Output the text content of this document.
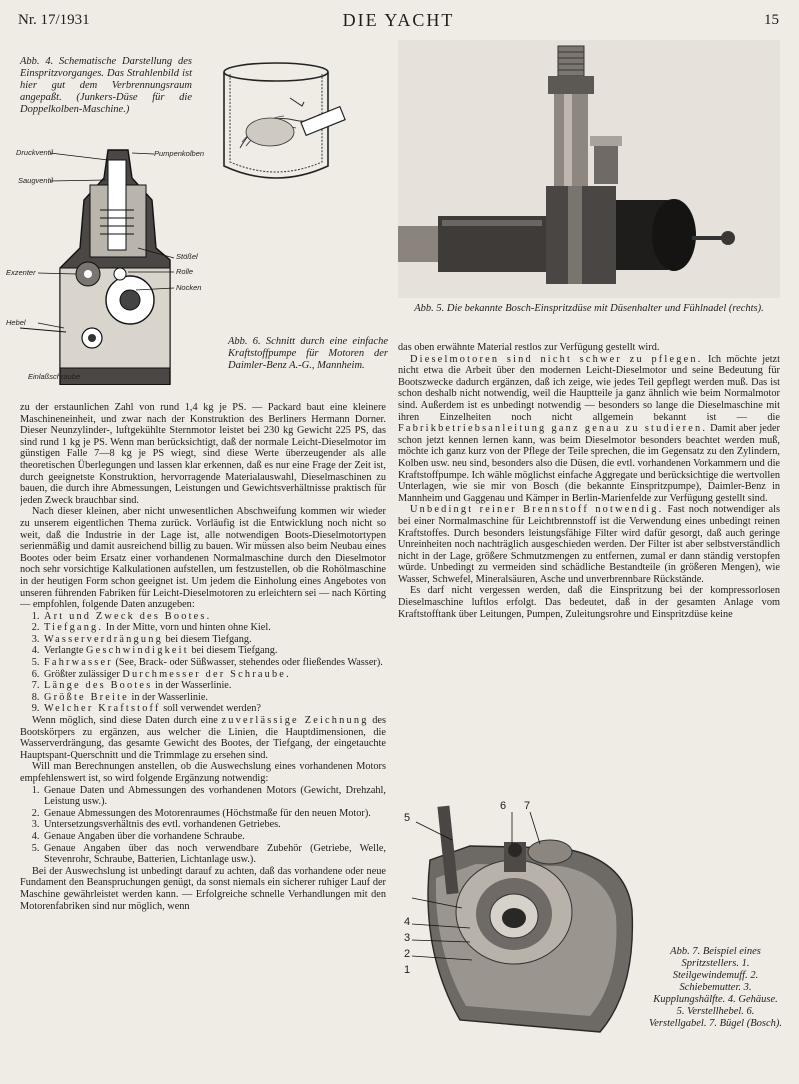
Nr. 17/1931	DIE YACHT	15
Abb. 4. Schematische Darstellung des Einspritzvorganges. Das Strahlenbild ist hier gut dem Verbrennungsraum angepaßt. (Junkers-Düse für die Doppelkolben-Maschine.)
Druckventil
Saugventil
Pumpenkolben
Stößel
Rolle
Nocken
Exzenter
Hebel
Einlaßschraube
Abb. 6. Schnitt durch eine einfache Kraftstoffpumpe für Motoren der Daimler-Benz A.-G., Mannheim.
Abb. 5. Die bekannte Bosch-Einspritzdüse mit Düsenhalter und Fühlnadel (rechts).
5
6 7
4
3
2
1
Abb. 7. Beispiel eines Spritzstellers. 1. Steilgewindemuff. 2. Schiebemutter. 3. Kupplungshälfte. 4. Gehäuse. 5. Verstellhebel. 6. Verstellgabel. 7. Bügel (Bosch).

zu der erstaunlichen Zahl von rund 1,4 kg je PS. — Packard baut eine kleinere Maschineneinheit, und zwar nach der Konstruktion des Berliners Hermann Dorner. Dieser Neunzylinder-, luftgekühlte Sternmotor leistet bei 230 kg Gewicht 225 PS, das sind rund 1 kg je PS. Wenn man berücksichtigt, daß der normale Leicht-Dieselmotor im günstigen Falle 7—8 kg je PS wiegt, sind diese Werte überzeugender als alle theoretischen Überlegungen und lassen klar erkennen, daß es nur eine Frage der Zeit ist, durch geeignetste Konstruktion, hervorragende Materialauswahl, Dieselmaschinen zu bauen, die durch ihre Abmessungen, Leistungen und Gewichtsverhältnisse praktisch für jeden Zweck brauchbar sind.

Nach dieser kleinen, aber nicht unwesentlichen Abschweifung kommen wir wieder zu unserem eigentlichen Thema zurück. Vorläufig ist die Entwicklung noch nicht so weit, daß die Industrie in der Lage ist, alle notwendigen Boots-Dieselmotortypen serienmäßig und damit ausreichend billig zu bauen. Wir müssen also beim Neubau eines Bootes oder beim Ersatz einer vorhandenen Normalmaschine durch den Dieselmotor noch sehr vorsichtige Kalkulationen aufstellen, um festzustellen, ob die Rohölmaschine in der heutigen Form schon geeignet ist. Um jedem die Einholung eines Angebotes von unseren führenden Fabriken für Leicht-Dieselmotoren zu erleichtern sei — nach Körting — empfohlen, folgende Daten anzugeben:

1. Art und Zweck des Bootes.
2. Tiefgang. In der Mitte, vorn und hinten ohne Kiel.
3. Wasserverdrängung bei diesem Tiefgang.
4. Verlangte Geschwindigkeit bei diesem Tiefgang.
5. Fahrwasser (See, Brack- oder Süßwasser, stehendes oder fließendes Wasser).
6. Größter zulässiger Durchmesser der Schraube.
7. Länge des Bootes in der Wasserlinie.
8. Größte Breite in der Wasserlinie.
9. Welcher Kraftstoff soll verwendet werden?

Wenn möglich, sind diese Daten durch eine zuverlässige Zeichnung des Bootskörpers zu ergänzen, aus welcher die Linien, die Hauptdimensionen, die Wasserverdrängung, das gesamte Gewicht des Bootes, der Tiefgang, der eingetauchte Hauptspant-Querschnitt und die Trimmlage zu ersehen sind.

Will man Berechnungen anstellen, ob die Auswechslung eines vorhandenen Motors empfehlenswert ist, so wird folgende Ergänzung notwendig:

1. Genaue Daten und Abmessungen des vorhandenen Motors (Gewicht, Drehzahl, Leistung usw.).
2. Genaue Abmessungen des Motorenraumes (Höchstmaße für den neuen Motor).
3. Untersetzungsverhältnis des evtl. vorhandenen Getriebes.
4. Genaue Angaben über die vorhandene Schraube.
5. Genaue Angaben über das noch verwendbare Zubehör (Getriebe, Welle, Stevenrohr, Schraube, Batterien, Lichtanlage usw.).

Bei der Auswechslung ist unbedingt darauf zu achten, daß das vorhandene oder neue Fundament den Beanspruchungen genügt, da sonst niemals ein sicherer ruhiger Lauf der Maschine gewährleistet werden kann. — Erfolgreiche schnelle Verhandlungen mit den Motorenfabriken sind nur möglich, wenn

das oben erwähnte Material restlos zur Verfügung gestellt wird.

Dieselmotoren sind nicht schwer zu pflegen. Ich möchte jetzt nicht etwa die Arbeit über den modernen Leicht-Dieselmotor und seine Bedeutung für Bootszwecke dadurch ergänzen, daß ich zeige, wie jedes Teil gepflegt werden muß. Das ist schon deshalb nicht notwendig, weil die Hauptteile ja ganz ähnlich wie beim Normalmotor sind. Außerdem ist es unbedingt notwendig — besonders so lange die Dieselmaschine mit ihren Einzelheiten noch nicht allgemein bekannt ist — die Fabrikbetriebsanleitung ganz genau zu studieren. Damit aber jeder schon jetzt kennen lernen kann, was beim Dieselmotor besonders beachtet werden muß, möchte ich ganz kurz von der Pflege der Teile sprechen, die im Gegensatz zu den Zylindern, Kolben usw. neu sind, besonders also die Düsen, die evtl. vorhandenen Vorkammern und die Kraftstoffpumpe. Ich wähle möglichst einfache Aggregate und berücksichtige die wertvollen Unterlagen, wie sie mir von Bosch (die bekannte Einspritzpumpe), Daimler-Benz in Mannheim und Gaggenau und Kämper in Berlin-Marienfelde zur Verfügung gestellt sind.

Unbedingt reiner Brennstoff notwendig. Fast noch notwendiger als bei einer Normalmaschine für Leichtbrennstoff ist die Verwendung eines unbedingt reinen Kraftstoffes. Durch besonders leistungsfähige Filter wird dafür gesorgt, daß auch geringe Unreinheiten noch nachträglich ausgeschieden werden. Der Filter ist aber selbstverständlich nicht in der Lage, größere Schmutzmengen zu entfernen, zumal er dann ständig verstopfen würde. Unbedingt zu vermeiden sind schädliche Bestandteile (in größeren Mengen), wie Wasser, Schwefel, Mineralsäuren, Asche und unverbrennbare Rückstände.

Es darf nicht vergessen werden, daß die Einspritzung bei der kompressorlosen Dieselmaschine luftlos erfolgt. Das bedeutet, daß in der gesamten Anlage vom Kraftstofftank über Leitungen, Pumpen, Zuleitungsrohre und Einspritzdüse keine
